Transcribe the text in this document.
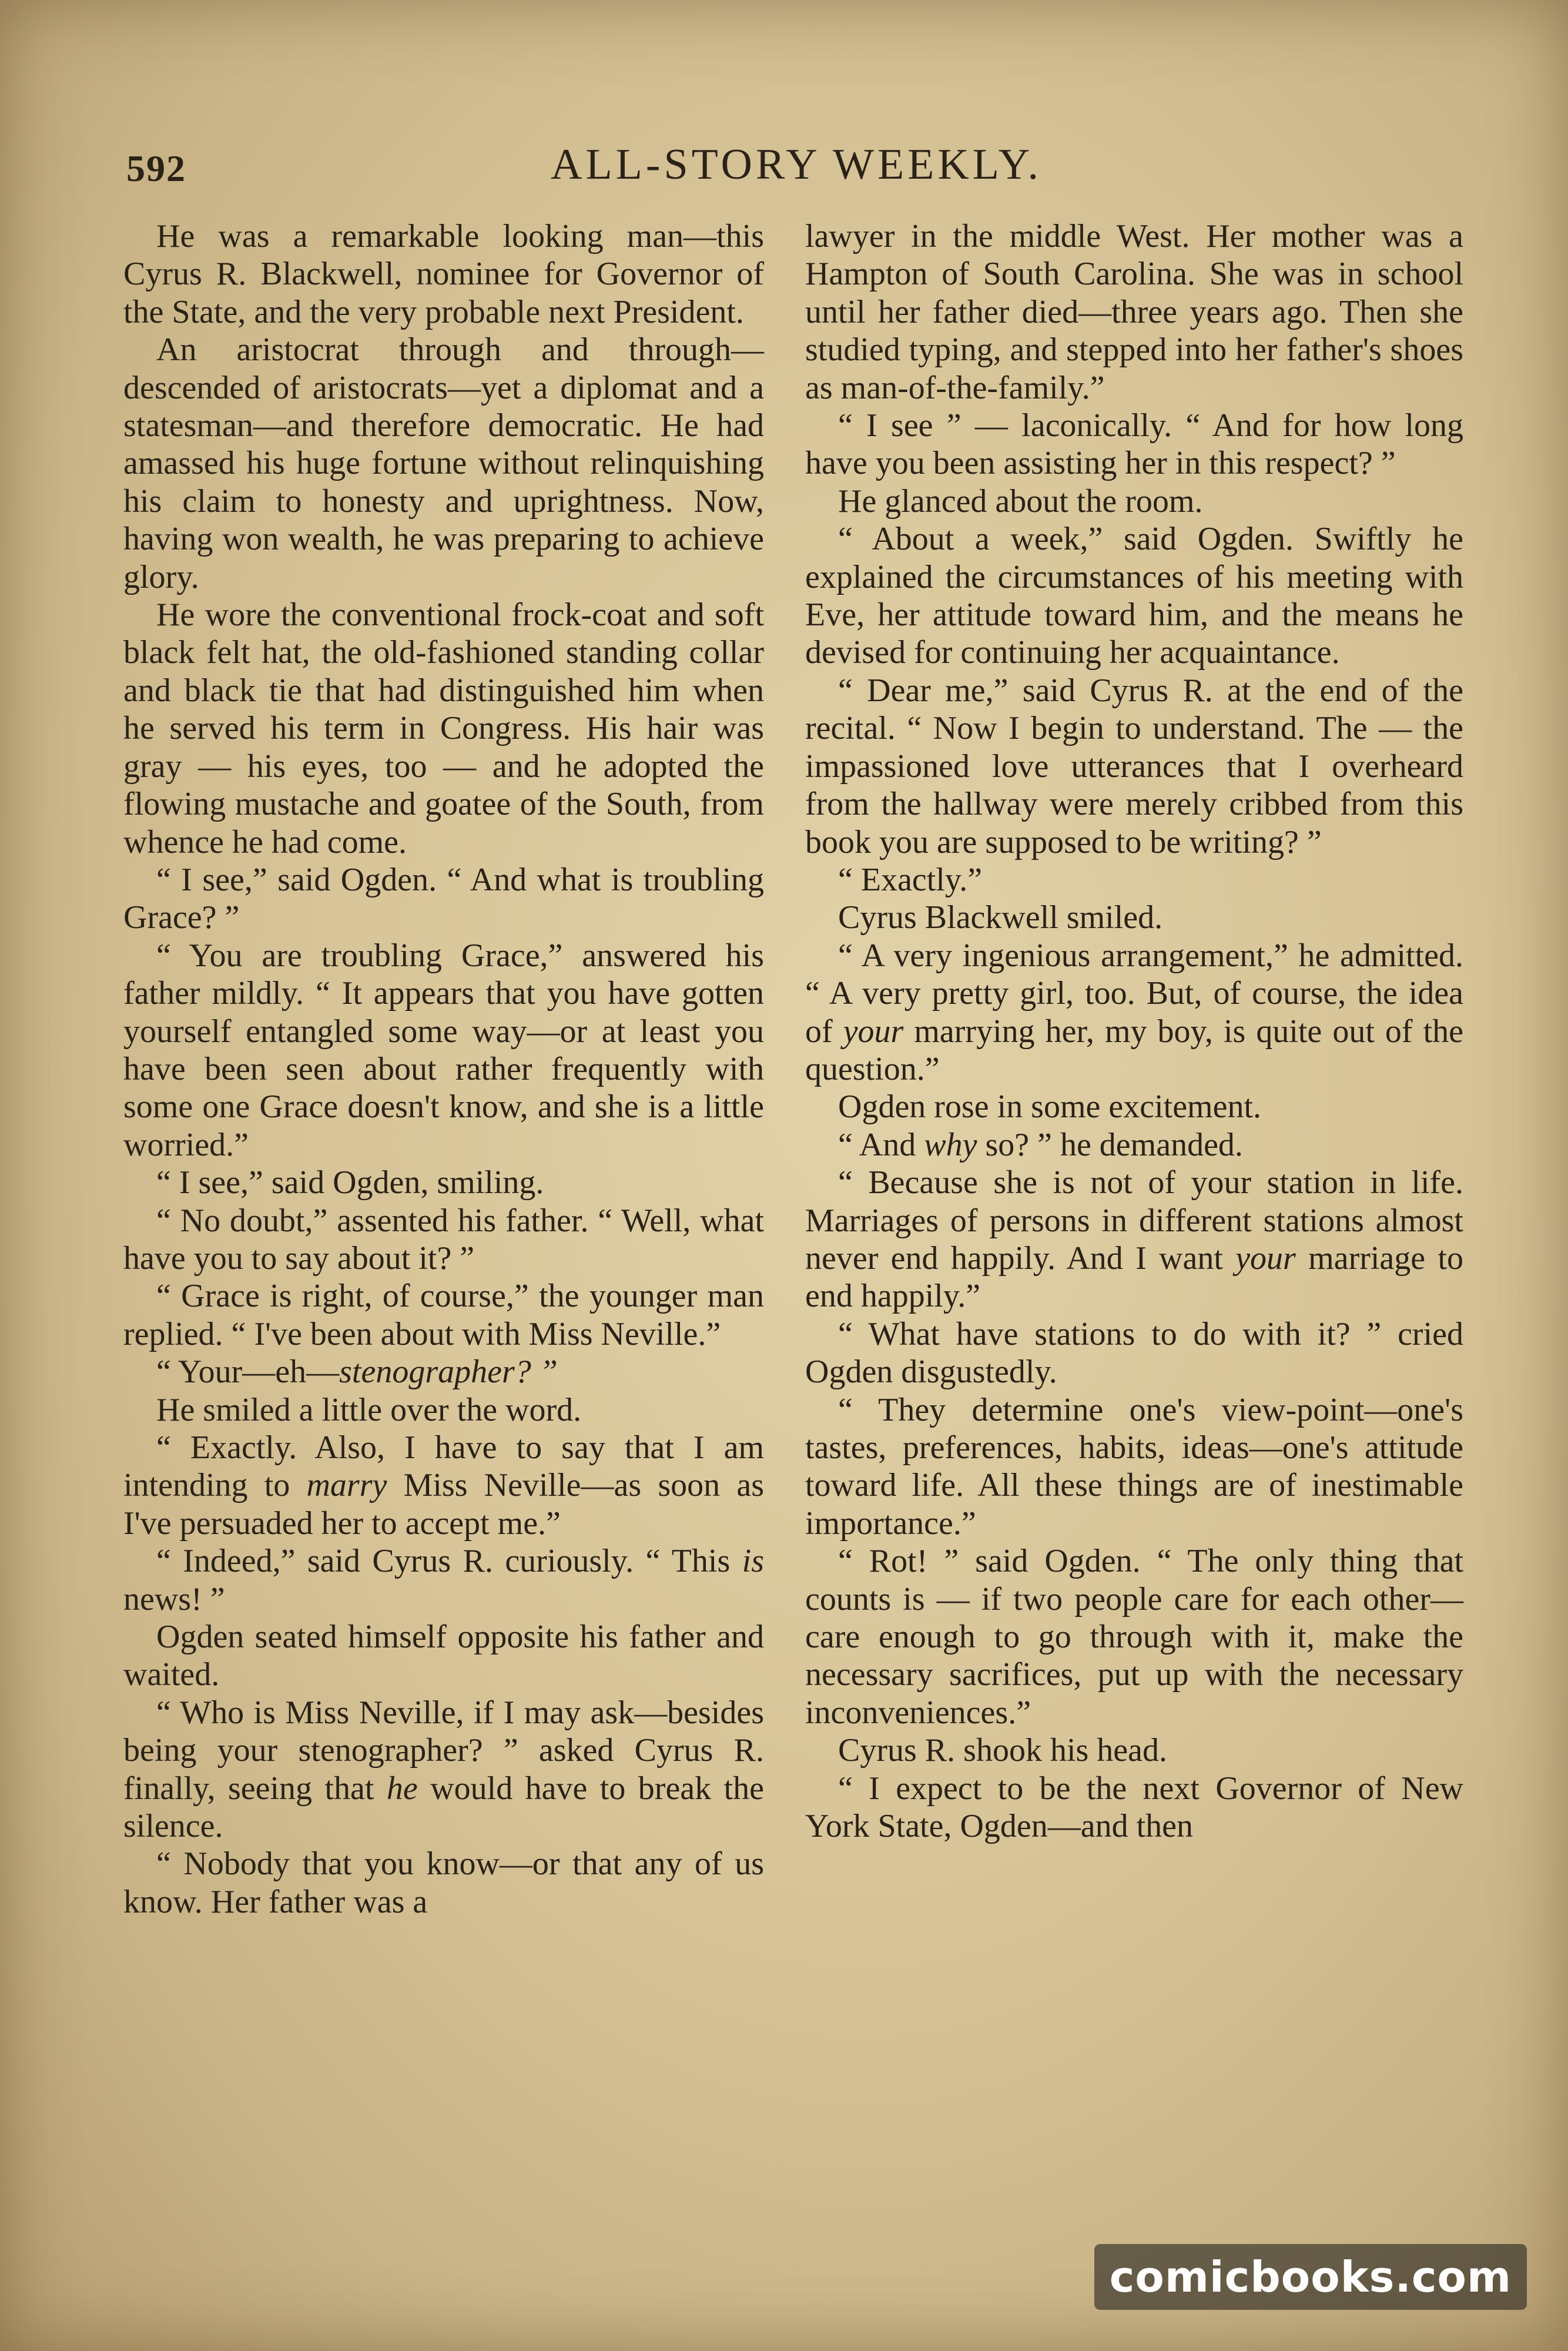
592	ALL-STORY WEEKLY.

He was a remarkable looking man—this Cyrus R. Blackwell, nominee for Governor of the State, and the very probable next President.

An aristocrat through and through—descended of aristocrats—yet a diplomat and a statesman—and therefore democratic. He had amassed his huge fortune without relinquishing his claim to honesty and uprightness. Now, having won wealth, he was preparing to achieve glory.

He wore the conventional frock-coat and soft black felt hat, the old-fashioned standing collar and black tie that had distinguished him when he served his term in Congress. His hair was gray — his eyes, too — and he adopted the flowing mustache and goatee of the South, from whence he had come.

“ I see,” said Ogden. “ And what is troubling Grace? ”

“ You are troubling Grace,” answered his father mildly. “ It appears that you have gotten yourself entangled some way—or at least you have been seen about rather frequently with some one Grace doesn't know, and she is a little worried.”

“ I see,” said Ogden, smiling.

“ No doubt,” assented his father. “ Well, what have you to say about it? ”

“ Grace is right, of course,” the younger man replied. “ I've been about with Miss Neville.”

“ Your—eh—stenographer? ”

He smiled a little over the word.

“ Exactly. Also, I have to say that I am intending to marry Miss Neville—as soon as I've persuaded her to accept me.”

“ Indeed,” said Cyrus R. curiously. “ This is news! ”

Ogden seated himself opposite his father and waited.

“ Who is Miss Neville, if I may ask—besides being your stenographer? ” asked Cyrus R. finally, seeing that he would have to break the silence.

“ Nobody that you know—or that any of us know. Her father was a

lawyer in the middle West. Her mother was a Hampton of South Carolina. She was in school until her father died—three years ago. Then she studied typing, and stepped into her father's shoes as man-of-the-family.”

“ I see ” — laconically. “ And for how long have you been assisting her in this respect? ”

He glanced about the room.

“ About a week,” said Ogden. Swiftly he explained the circumstances of his meeting with Eve, her attitude toward him, and the means he devised for continuing her acquaintance.

“ Dear me,” said Cyrus R. at the end of the recital. “ Now I begin to understand. The — the impassioned love utterances that I overheard from the hallway were merely cribbed from this book you are supposed to be writing? ”

“ Exactly.”

Cyrus Blackwell smiled.

“ A very ingenious arrangement,” he admitted. “ A very pretty girl, too. But, of course, the idea of your marrying her, my boy, is quite out of the question.”

Ogden rose in some excitement.

“ And why so? ” he demanded.

“ Because she is not of your station in life. Marriages of persons in different stations almost never end happily. And I want your marriage to end happily.”

“ What have stations to do with it? ” cried Ogden disgustedly.

“ They determine one's view-point—one's tastes, preferences, habits, ideas—one's attitude toward life. All these things are of inestimable importance.”

“ Rot! ” said Ogden. “ The only thing that counts is — if two people care for each other—care enough to go through with it, make the necessary sacrifices, put up with the necessary inconveniences.”

Cyrus R. shook his head.

“ I expect to be the next Governor of New York State, Ogden—and then

comicbooks.com
